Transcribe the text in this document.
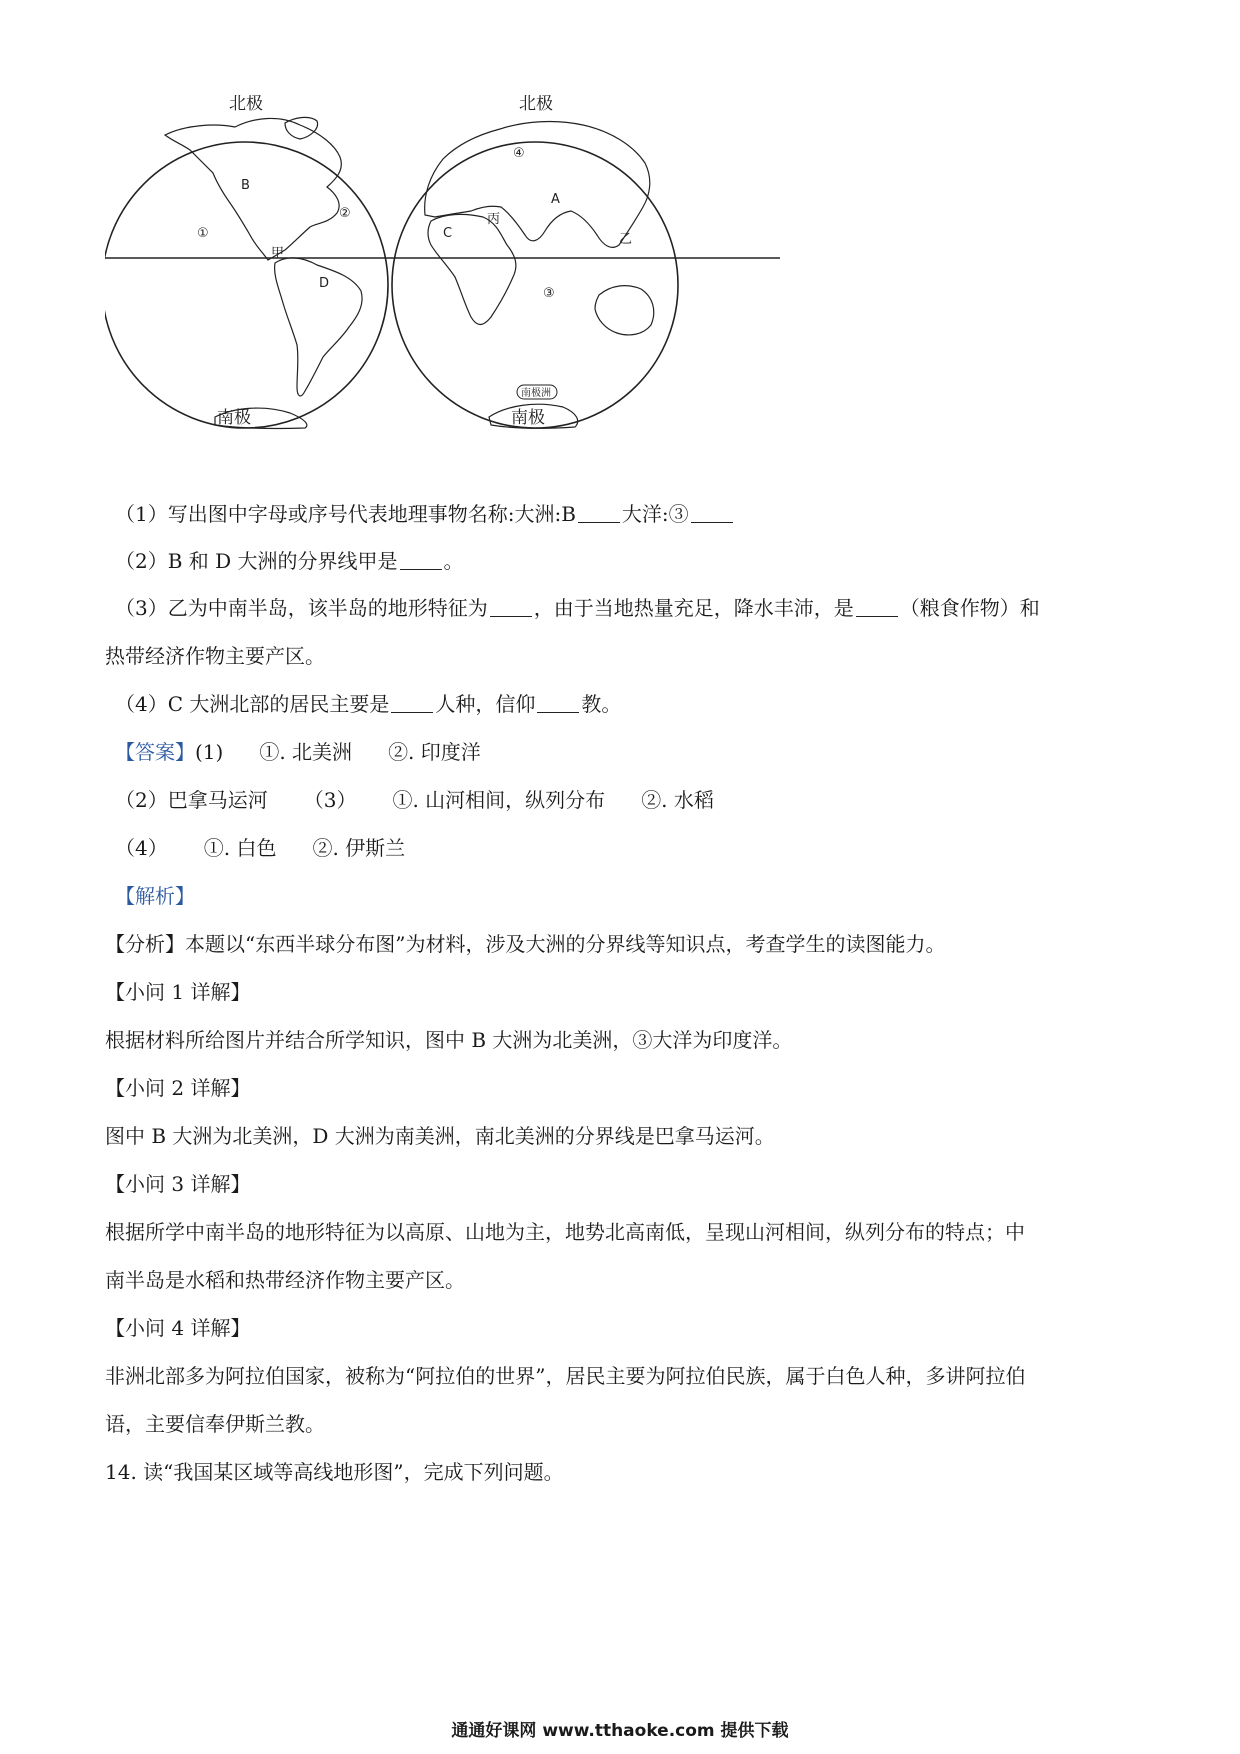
北极	北极
南极	南极
A
B
C
D
①
②
③
④
甲
乙
丙
南极洲
（1）写出图中字母或序号代表地理事物名称:大洲:B 大洋:③
（2）B 和 D 大洲的分界线甲是 。
（3）乙为中南半岛，该半岛的地形特征为 ，由于当地热量充足，降水丰沛，是 （粮食作物）和
热带经济作物主要产区。
（4）C 大洲北部的居民主要是 人种，信仰 教。
【答案】(1) ①. 北美洲 ②. 印度洋
（2）巴拿马运河 （3） ①. 山河相间，纵列分布 ②. 水稻
（4） ①. 白色 ②. 伊斯兰
【解析】
【分析】本题以“东西半球分布图”为材料，涉及大洲的分界线等知识点，考查学生的读图能力。
【小问 1 详解】
根据材料所给图片并结合所学知识，图中 B 大洲为北美洲，③大洋为印度洋。
【小问 2 详解】
图中 B 大洲为北美洲，D 大洲为南美洲，南北美洲的分界线是巴拿马运河。
【小问 3 详解】
根据所学中南半岛的地形特征为以高原、山地为主，地势北高南低，呈现山河相间，纵列分布的特点；中
南半岛是水稻和热带经济作物主要产区。
【小问 4 详解】
非洲北部多为阿拉伯国家，被称为“阿拉伯的世界”，居民主要为阿拉伯民族，属于白色人种，多讲阿拉伯
语，主要信奉伊斯兰教。
14. 读“我国某区域等高线地形图”，完成下列问题。
通通好课网 www.tthaoke.com 提供下载
